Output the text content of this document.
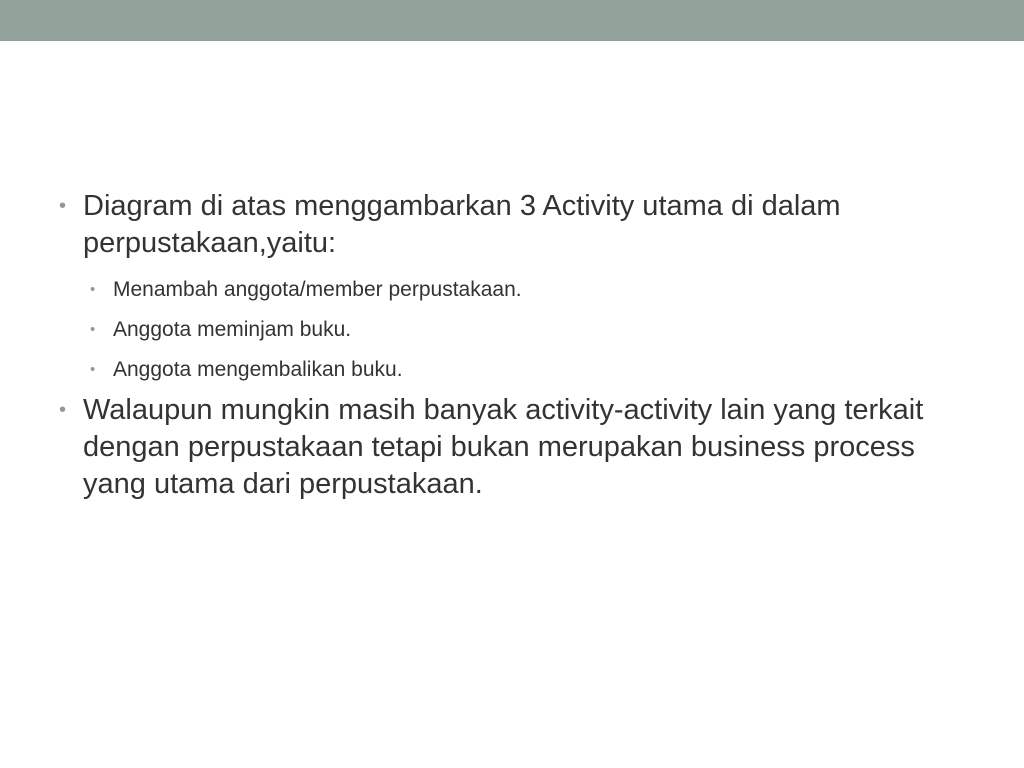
• Diagram di atas menggambarkan 3 Activity utama di dalam perpustakaan,yaitu:

• Menambah anggota/member perpustakaan.
• Anggota meminjam buku.
• Anggota mengembalikan buku.

• Walaupun mungkin masih banyak activity-activity lain yang terkait dengan perpustakaan tetapi bukan merupakan business process yang utama dari perpustakaan.
